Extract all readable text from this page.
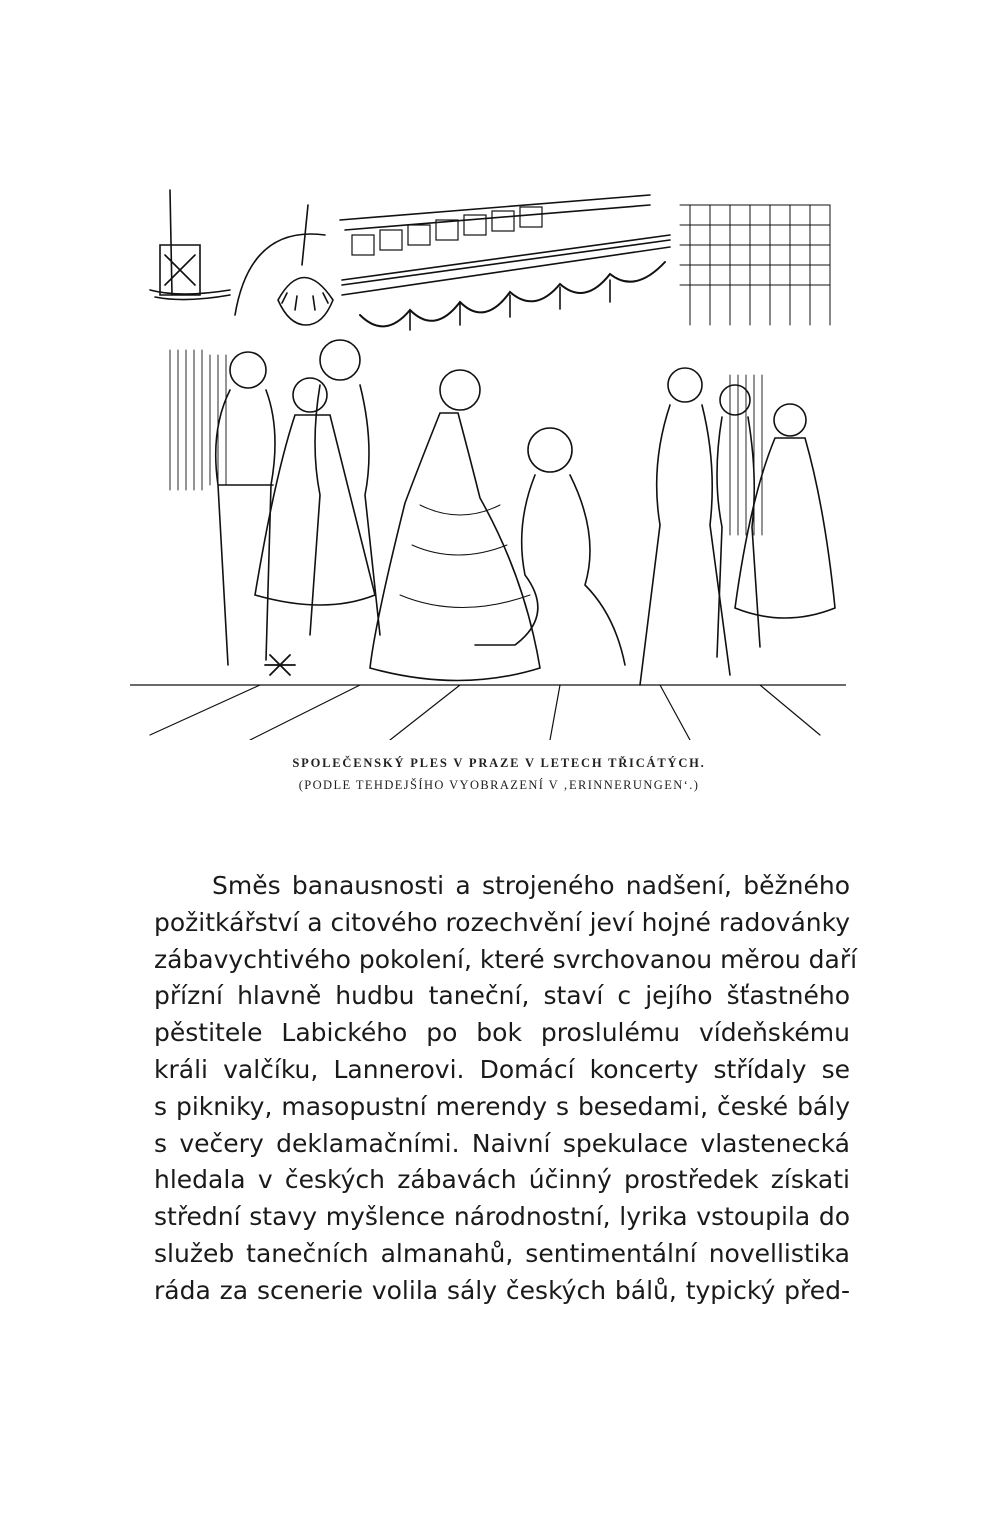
SPOLEČENSKÝ PLES V PRAZE V LETECH TŘICÁTÝCH.
(PODLE TEHDEJŠÍHO VYOBRAZENÍ V ‚ERINNERUNGEN‘.)
Směs banausnosti a strojeného nadšení, běžného
požitkářství a citového rozechvění jeví hojné radovánky
zábavychtivého pokolení, které svrchovanou měrou daří
přízní hlavně hudbu taneční, staví c jejího šťastného
pěstitele Labického po bok proslulému vídeňskému
králi valčíku, Lannerovi. Domácí koncerty střídaly se
s pikniky, masopustní merendy s besedami, české bály
s večery deklamačními. Naivní spekulace vlastenecká
hledala v českých zábavách účinný prostředek získati
střední stavy myšlence národnostní, lyrika vstoupila do
služeb tanečních almanahů, sentimentální novellistika
ráda za scenerie volila sály českých bálů, typický před-
